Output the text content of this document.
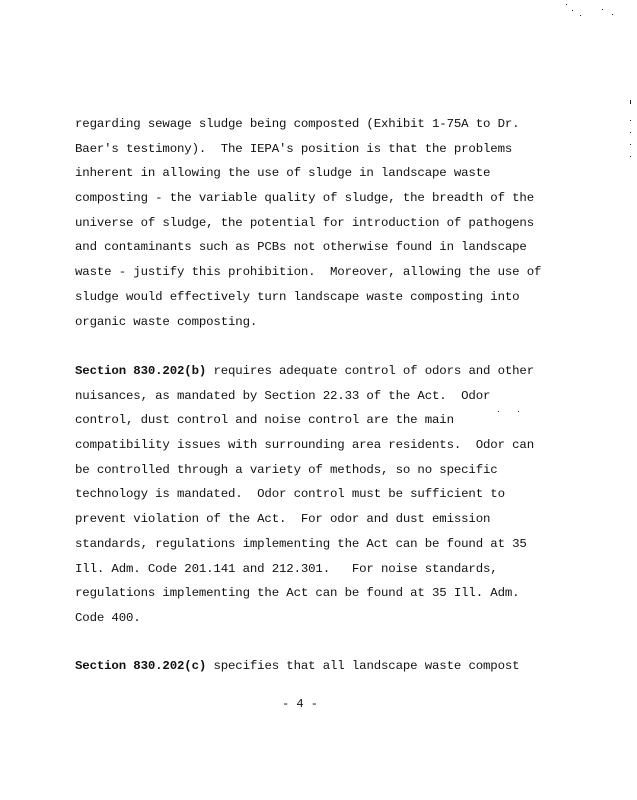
regarding sewage sludge being composted (Exhibit 1-75A to Dr.
Baer's testimony).  The IEPA's position is that the problems
inherent in allowing the use of sludge in landscape waste
composting - the variable quality of sludge, the breadth of the
universe of sludge, the potential for introduction of pathogens
and contaminants such as PCBs not otherwise found in landscape
waste - justify this prohibition.  Moreover, allowing the use of
sludge would effectively turn landscape waste composting into
organic waste composting.
Section 830.202(b) requires adequate control of odors and other
nuisances, as mandated by Section 22.33 of the Act.  Odor
control, dust control and noise control are the main
compatibility issues with surrounding area residents.  Odor can
be controlled through a variety of methods, so no specific
technology is mandated.  Odor control must be sufficient to
prevent violation of the Act.  For odor and dust emission
standards, regulations implementing the Act can be found at 35
Ill. Adm. Code 201.141 and 212.301.   For noise standards,
regulations implementing the Act can be found at 35 Ill. Adm.
Code 400.
Section 830.202(c) specifies that all landscape waste compost
- 4 -
